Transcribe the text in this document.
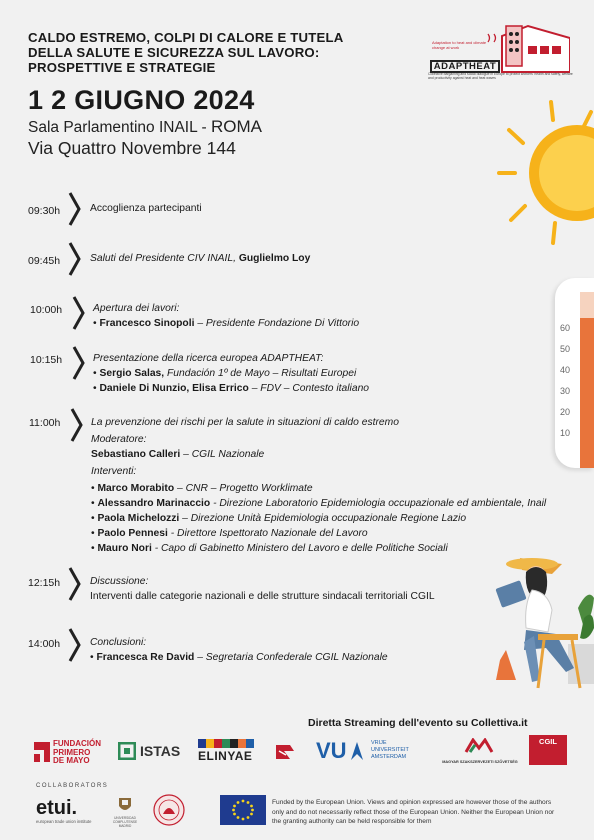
CALDO ESTREMO, COLPI DI CALORE E TUTELA
DELLA SALUTE E SICUREZZA SUL LAVORO:
PROSPETTIVE E STRATEGIE
1 2 GIUGNO 2024
Sala Parlamentino INAIL - ROMA
Via Quattro Novembre 144
Adaptation to heat and climate change at work
ADAPTHEAT
Collective bargaining and social dialogue in Europe to protect workers' health and safety, welfare and productivity against heat and heat waves
60
50
40
30
20
10
09:30h	Accoglienza partecipanti
09:45h	Saluti del Presidente CIV INAIL, Guglielmo Loy
10:00h	Apertura dei lavori:
• Francesco Sinopoli – Presidente Fondazione Di Vittorio
10:15h	Presentazione della ricerca europea ADAPTHEAT:
• Sergio Salas, Fundación 1º de Mayo – Risultati Europei
• Daniele Di Nunzio, Elisa Errico – FDV – Contesto italiano
11:00h	La prevenzione dei rischi per la salute in situazioni di caldo estremo
Moderatore:
Sebastiano Calleri – CGIL Nazionale
Interventi:
• Marco Morabito – CNR – Progetto Worklimate
• Alessandro Marinaccio - Direzione Laboratorio Epidemiologia occupazionale ed ambientale, Inail
• Paola Michelozzi – Direzione Unità Epidemiologia occupazionale Regione Lazio
• Paolo Pennesi - Direttore Ispettorato Nazionale del Lavoro
• Mauro Nori - Capo di Gabinetto Ministero del Lavoro e delle Politiche Sociali
12:15h	Discussione:
Interventi dalle categorie nazionali e delle strutture sindacali territoriali CGIL
14:00h	Conclusioni:
• Francesca Re David – Segretaria Confederale CGIL Nazionale
Diretta Streaming dell'evento su Collettiva.it
FUNDACIÓN
PRIMERO
DE MAYO
ISTAS ELINYAE	VU	VRIJE
UNIVERSITEIT
AMSTERDAM
MAGYAR SZAKSZERVEZETI SZÖVETSÉG
CGIL
COLLABORATORS
etui.
european trade union institute
UNIVERSIDAD COMPLUTENSE MADRID
Funded by the European Union. Views and opinion expressed are however those of the authors only and do not necessarily reflect those of the European Union. Neither the European Union nor the granting authority can be held responsible for them
